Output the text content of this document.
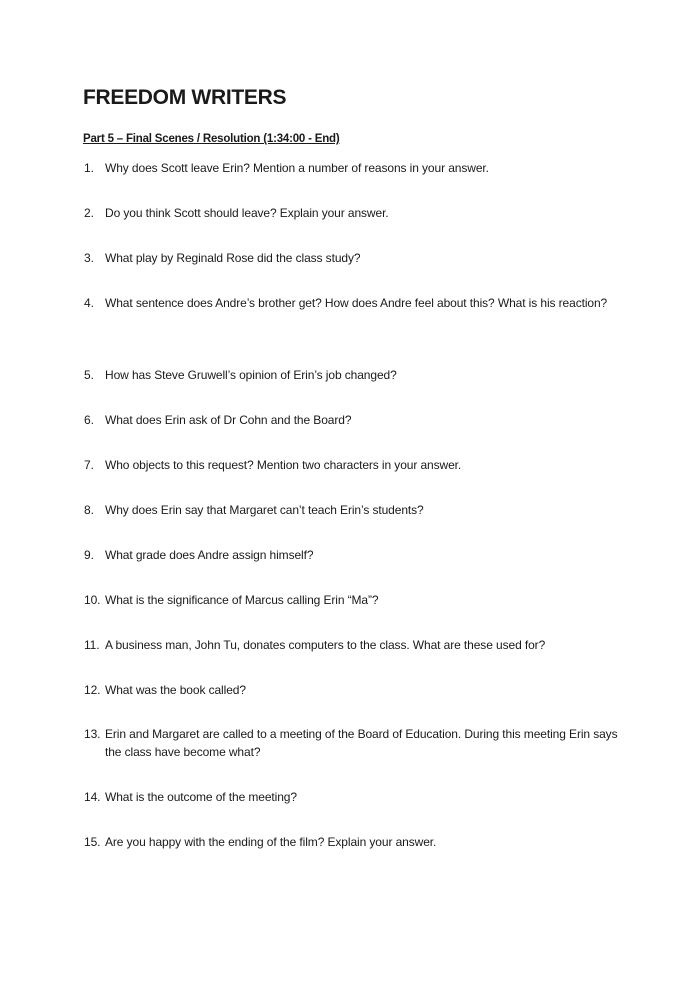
FREEDOM WRITERS
Part 5 – Final Scenes / Resolution (1:34:00 - End)
1. Why does Scott leave Erin? Mention a number of reasons in your answer.
2. Do you think Scott should leave? Explain your answer.
3. What play by Reginald Rose did the class study?
4. What sentence does Andre’s brother get? How does Andre feel about this? What is his reaction?
5. How has Steve Gruwell’s opinion of Erin’s job changed?
6. What does Erin ask of Dr Cohn and the Board?
7. Who objects to this request? Mention two characters in your answer.
8. Why does Erin say that Margaret can’t teach Erin’s students?
9. What grade does Andre assign himself?
10. What is the significance of Marcus calling Erin “Ma”?
11. A business man, John Tu, donates computers to the class. What are these used for?
12. What was the book called?
13. Erin and Margaret are called to a meeting of the Board of Education. During this meeting Erin says the class have become what?
14. What is the outcome of the meeting?
15. Are you happy with the ending of the film? Explain your answer.
